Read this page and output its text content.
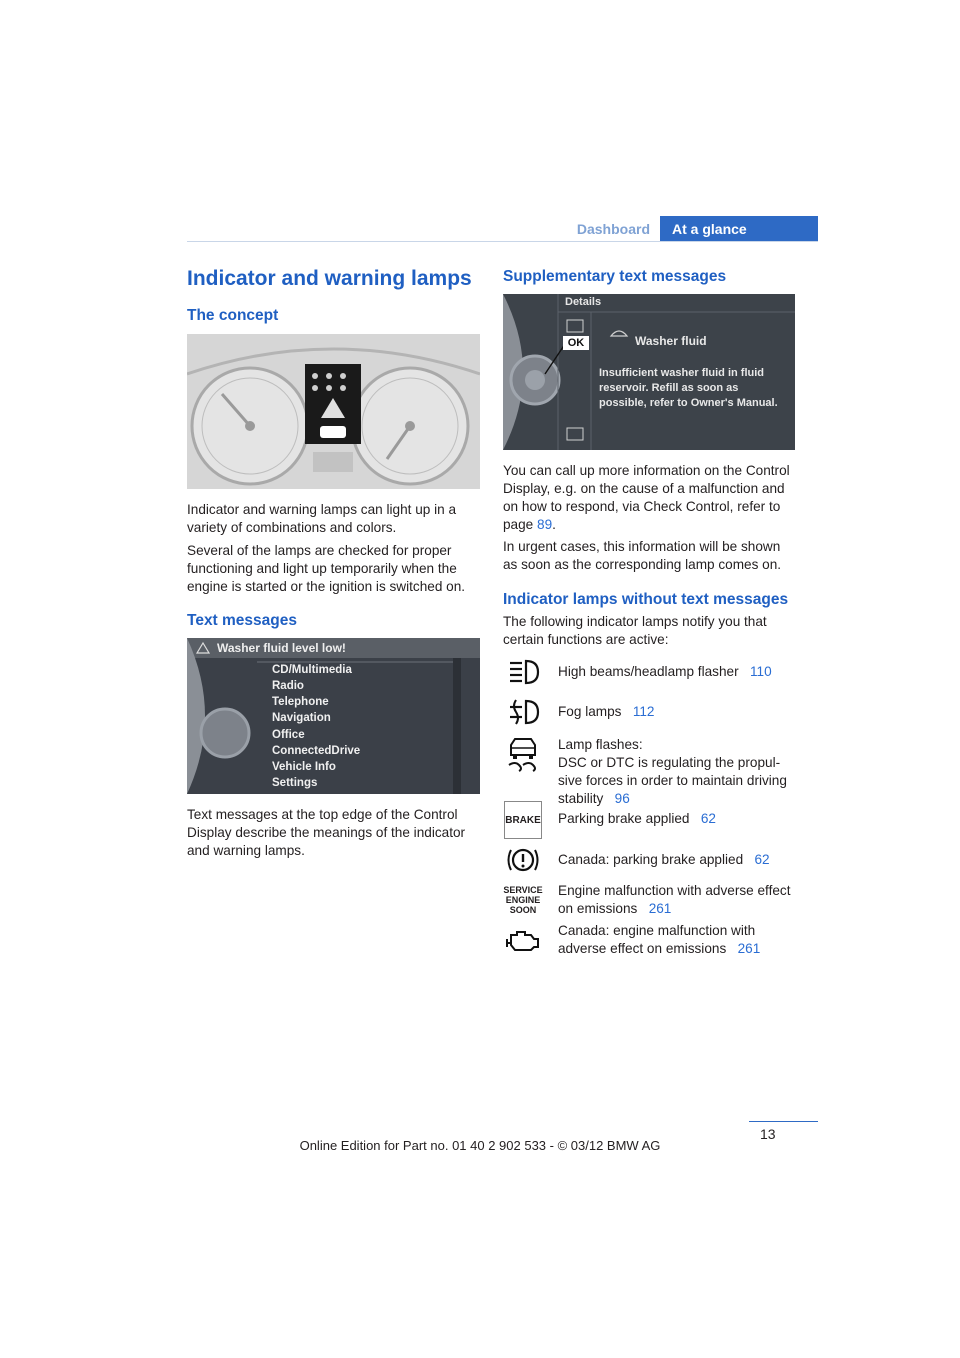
Dashboard	At a glance
Indicator and warning lamps
The concept

Indicator and warning lamps can light up in a variety of combinations and colors.

Several of the lamps are checked for proper functioning and light up temporarily when the engine is started or the ignition is switched on.

Text messages
Washer fluid level low!
CD/Multimedia
Radio
Telephone
Navigation
Office
ConnectedDrive
Vehicle Info
Settings

Text messages at the top edge of the Control Display describe the meanings of the indicator and warning lamps.

Supplementary text messages
Details
OK	Washer fluid
Insufficient washer fluid in fluid reservoir. Refill as soon as possible, refer to Owner's Manual.

You can call up more information on the Control Display, e.g. on the cause of a malfunction and on how to respond, via Check Control, refer to page 89.

In urgent cases, this information will be shown as soon as the corresponding lamp comes on.

Indicator lamps without text messages

The following indicator lamps notify you that certain functions are active:

High beams/headlamp flasher 110
Fog lamps 112
Lamp flashes:
DSC or DTC is regulating the propul-sive forces in order to maintain driving stability 96
BRAKE Parking brake applied 62
Canada: parking brake applied 62
SERVICE ENGINE SOON
Engine malfunction with adverse effect on emissions 261
Canada: engine malfunction with adverse effect on emissions 261
13
Online Edition for Part no. 01 40 2 902 533 - © 03/12 BMW AG
